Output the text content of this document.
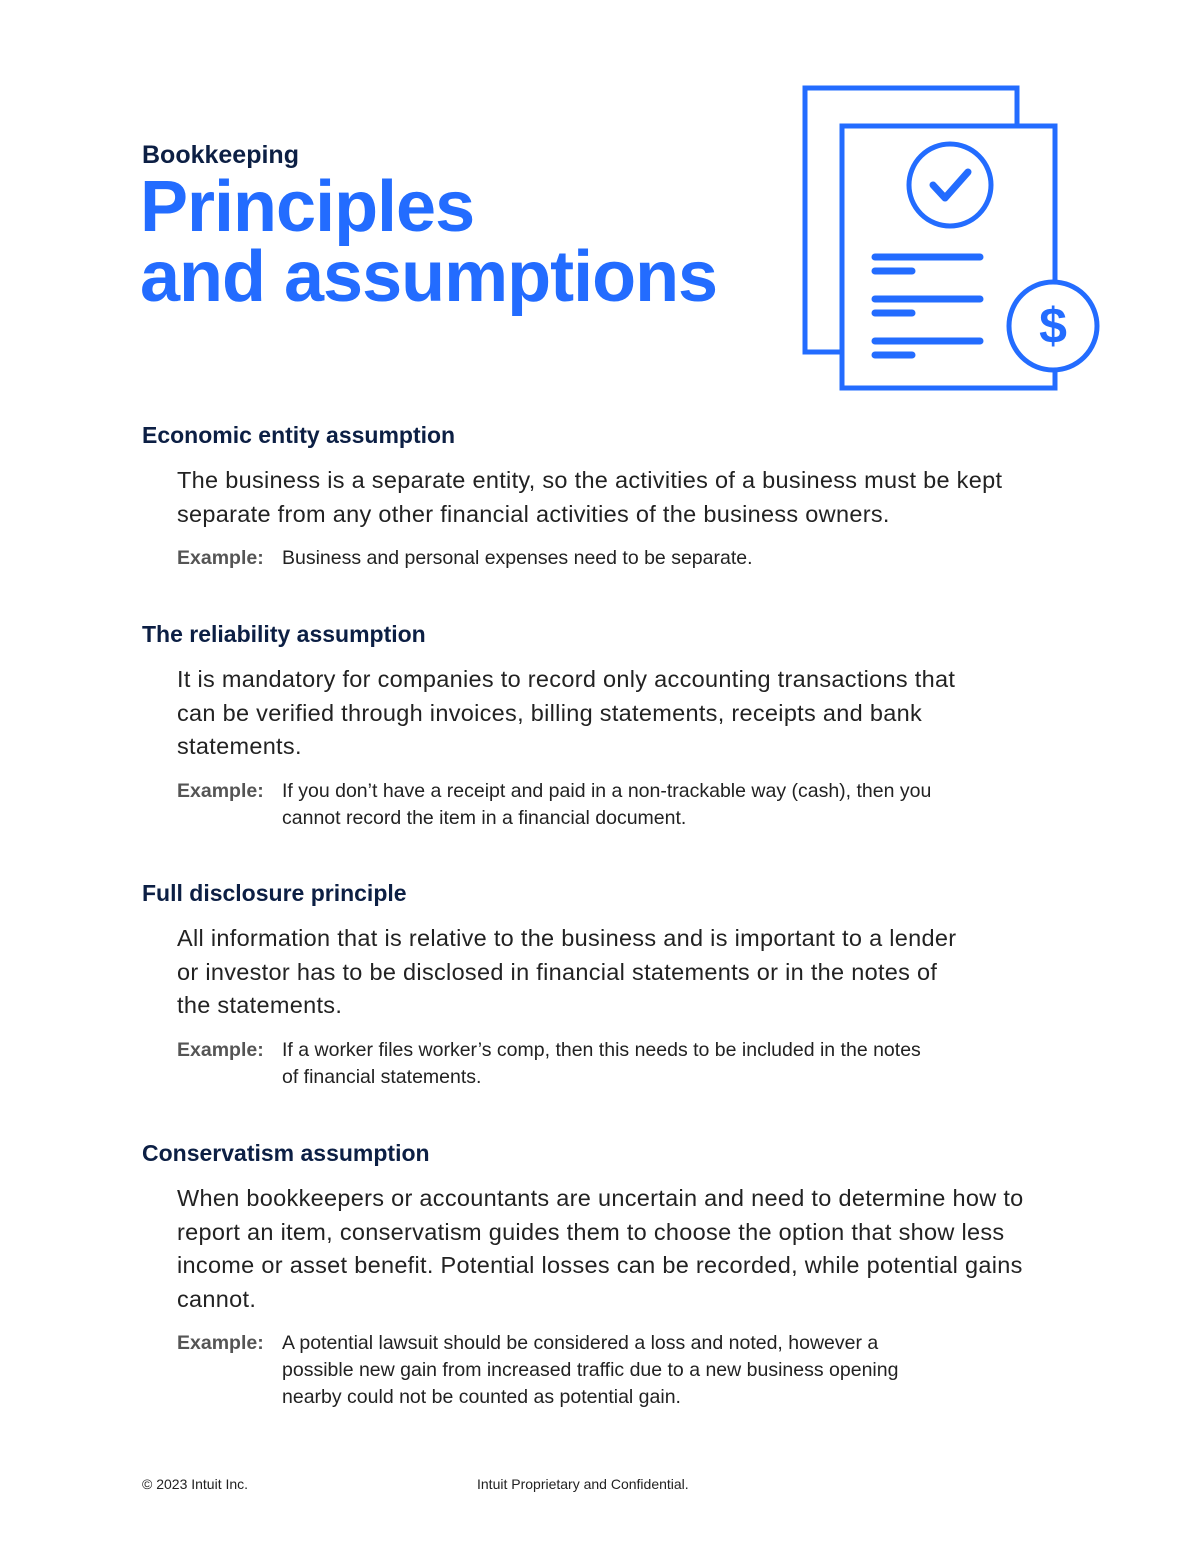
Bookkeeping
Principles
and assumptions
$
Economic entity assumption
The business is a separate entity, so the activities of a business must be kept separate from any other financial activities of the business owners.
Example: Business and personal expenses need to be separate.
The reliability assumption
It is mandatory for companies to record only accounting transactions that can be verified through invoices, billing statements, receipts and bank statements.
Example: If you don’t have a receipt and paid in a non-trackable way (cash), then you cannot record the item in a financial document.
Full disclosure principle
All information that is relative to the business and is important to a lender or investor has to be disclosed in financial statements or in the notes of the statements.
Example: If a worker files worker’s comp, then this needs to be included in the notes of financial statements.
Conservatism assumption
When bookkeepers or accountants are uncertain and need to determine how to report an item, conservatism guides them to choose the option that show less income or asset benefit. Potential losses can be recorded, while potential gains cannot.
Example: A potential lawsuit should be considered a loss and noted, however a possible new gain from increased traffic due to a new business opening nearby could not be counted as potential gain.
© 2023 Intuit Inc.	Intuit Proprietary and Confidential.
